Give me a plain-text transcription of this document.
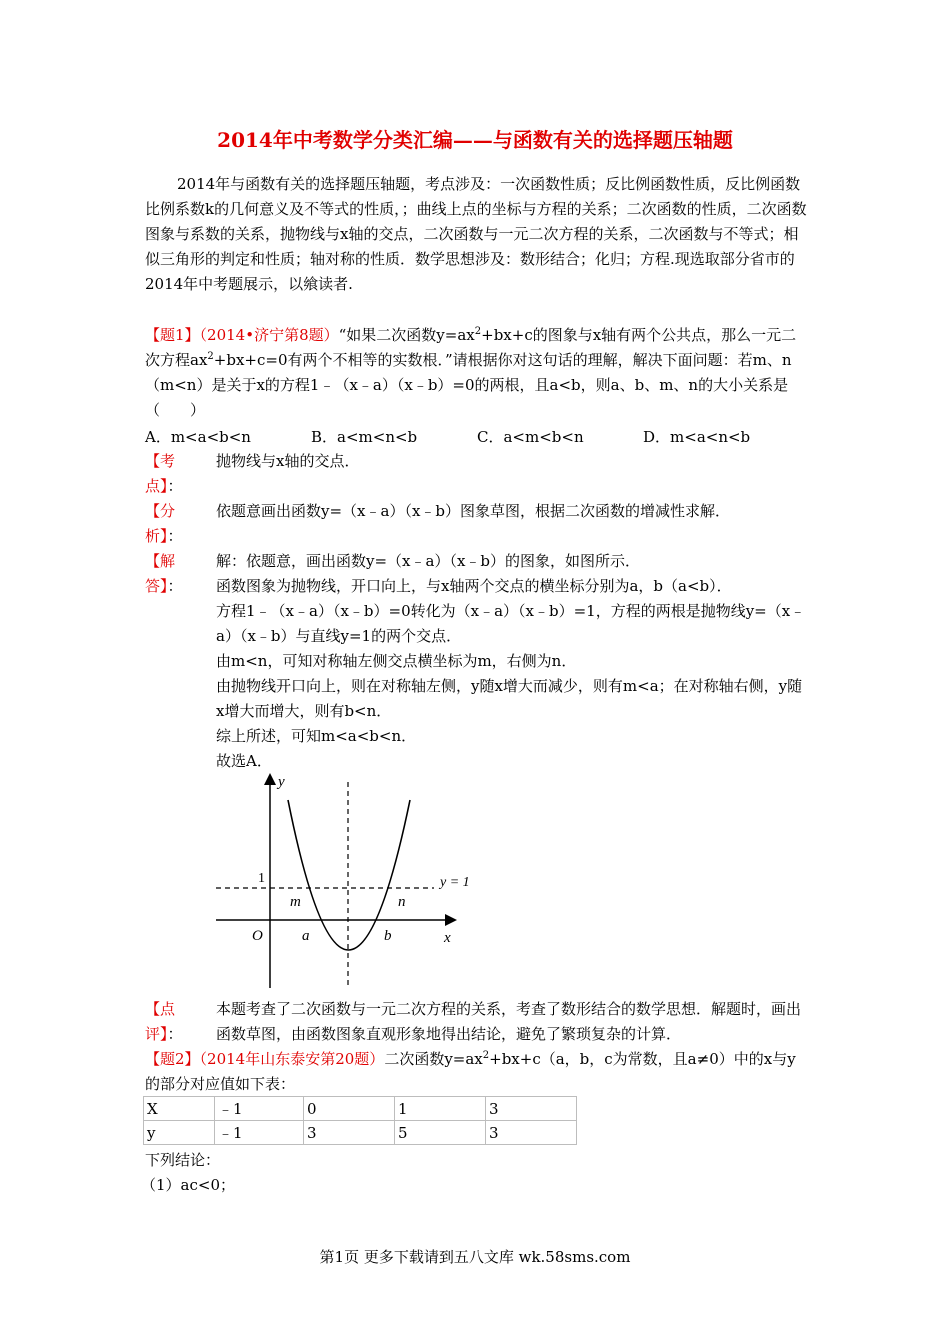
2014年中考数学分类汇编——与函数有关的选择题压轴题
2014年与函数有关的选择题压轴题，考点涉及：一次函数性质；反比例函数性质，反比例函数比例系数k的几何意义及不等式的性质，；曲线上点的坐标与方程的关系；二次函数的性质，二次函数图象与系数的关系，抛物线与x轴的交点，二次函数与一元二次方程的关系，二次函数与不等式；相似三角形的判定和性质；轴对称的性质．数学思想涉及：数形结合；化归；方程.现选取部分省市的2014年中考题展示，以飨读者.
【题1】（2014•济宁第8题）“如果二次函数$y=ax^2+bx+c$的图象与x轴有两个公共点，那么一元二次方程$ax^2+bx+c=0$有两个不相等的实数根．”请根据你对这句话的理解，解决下面问题：若m、n（m<n）是关于x的方程1﹣（x﹣a）（x﹣b）=0的两根，且a<b，则a、b、m、n的大小关系是（　　）
A．m<a<b<n	B．a<m<n<b	C．a<m<b<n	D．m<a<n<b
【考
点】：
抛物线与x轴的交点．
【分
析】：
依题意画出函数y=（x﹣a）（x﹣b）图象草图，根据二次函数的增减性求解．
【解
答】：
解：依题意，画出函数y=（x﹣a）（x﹣b）的图象，如图所示．
函数图象为抛物线，开口向上，与x轴两个交点的横坐标分别为a，b（a<b）．
方程1﹣（x﹣a）（x﹣b）=0转化为（x﹣a）（x﹣b）=1，方程的两根是抛物线y=（x﹣a）（x﹣b）与直线y=1的两个交点．
由m<n，可知对称轴左侧交点横坐标为m，右侧为n．
由抛物线开口向上，则在对称轴左侧，y随x增大而减少，则有m<a；在对称轴右侧，y随x增大而增大，则有b<n．
综上所述，可知m<a<b<n．
故选A．
y
x
O
1	y = 1
m	n
a	b
【点
评】：
本题考查了二次函数与一元二次方程的关系，考查了数形结合的数学思想．解题时，画出函数草图，由函数图象直观形象地得出结论，避免了繁琐复杂的计算．
【题2】（2014年山东泰安第20题）二次函数$y=ax^2+bx+c(a$，b，c为常数，且a≠0）中的x与y的部分对应值如下表：
X	﹣1	0	1	3
y	﹣1	3	5	3
下列结论：
（1）ac<0；
第1页 更多下载请到五八文库 wk.58sms.com
